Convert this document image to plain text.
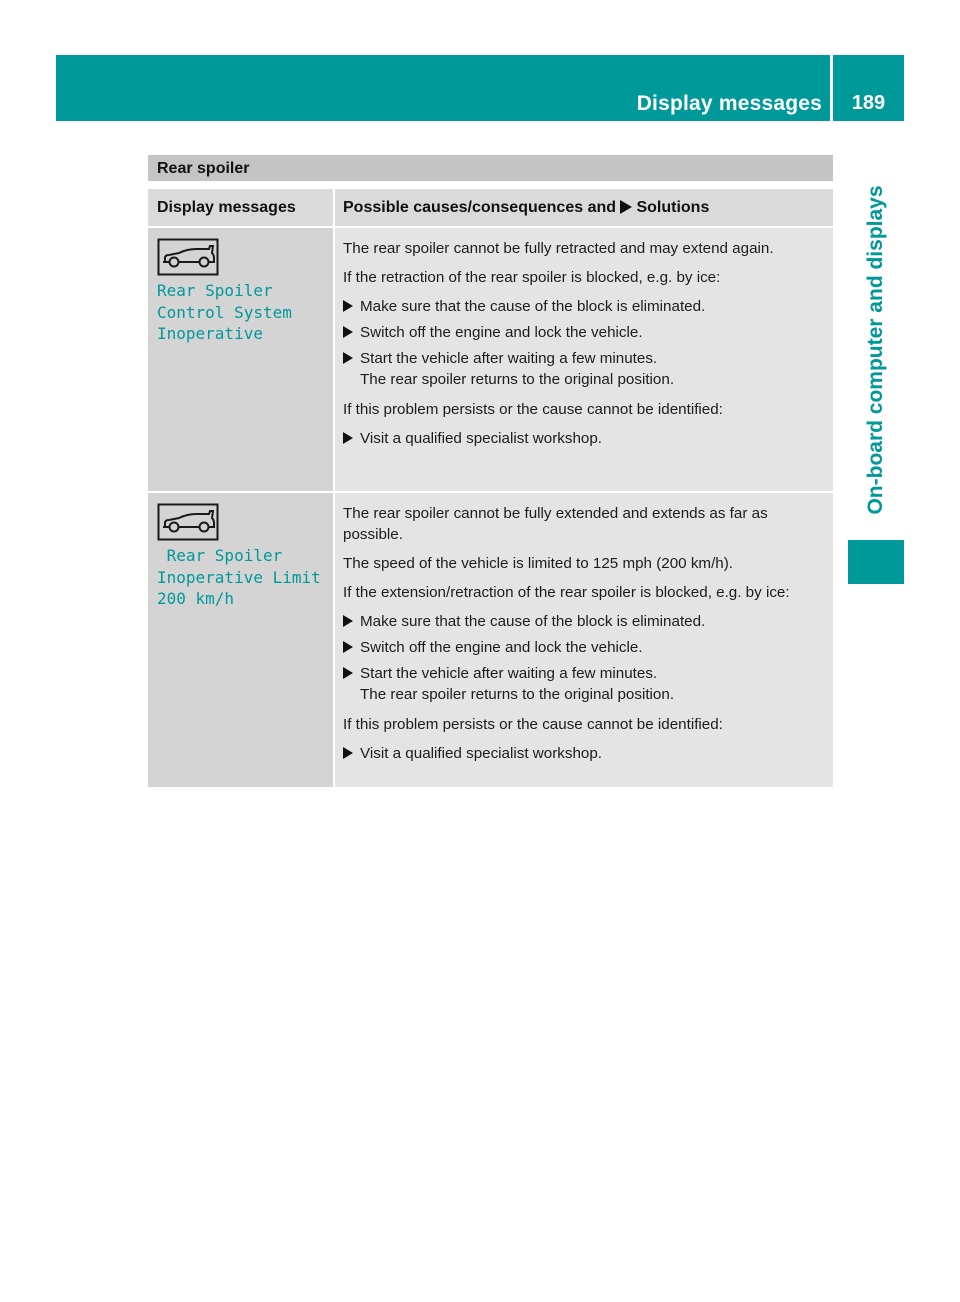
Display messages	189
On-board computer and displays
Rear spoiler
Display messages	Possible causes/consequences and Solutions
Rear Spoiler
Control System
Inoperative

The rear spoiler cannot be fully retracted and may extend again.

If the retraction of the rear spoiler is blocked, e.g. by ice:

Make sure that the cause of the block is eliminated.
Switch off the engine and lock the vehicle.
Start the vehicle after waiting a few minutes.
The rear spoiler returns to the original position.

If this problem persists or the cause cannot be identified:

Visit a qualified specialist workshop.
Rear Spoiler
Inoperative Limit
200 km/h

The rear spoiler cannot be fully extended and extends as far as possible.

The speed of the vehicle is limited to 125 mph (200 km/h).

If the extension/retraction of the rear spoiler is blocked, e.g. by ice:

Make sure that the cause of the block is eliminated.
Switch off the engine and lock the vehicle.
Start the vehicle after waiting a few minutes.
The rear spoiler returns to the original position.

If this problem persists or the cause cannot be identified:

Visit a qualified specialist workshop.
